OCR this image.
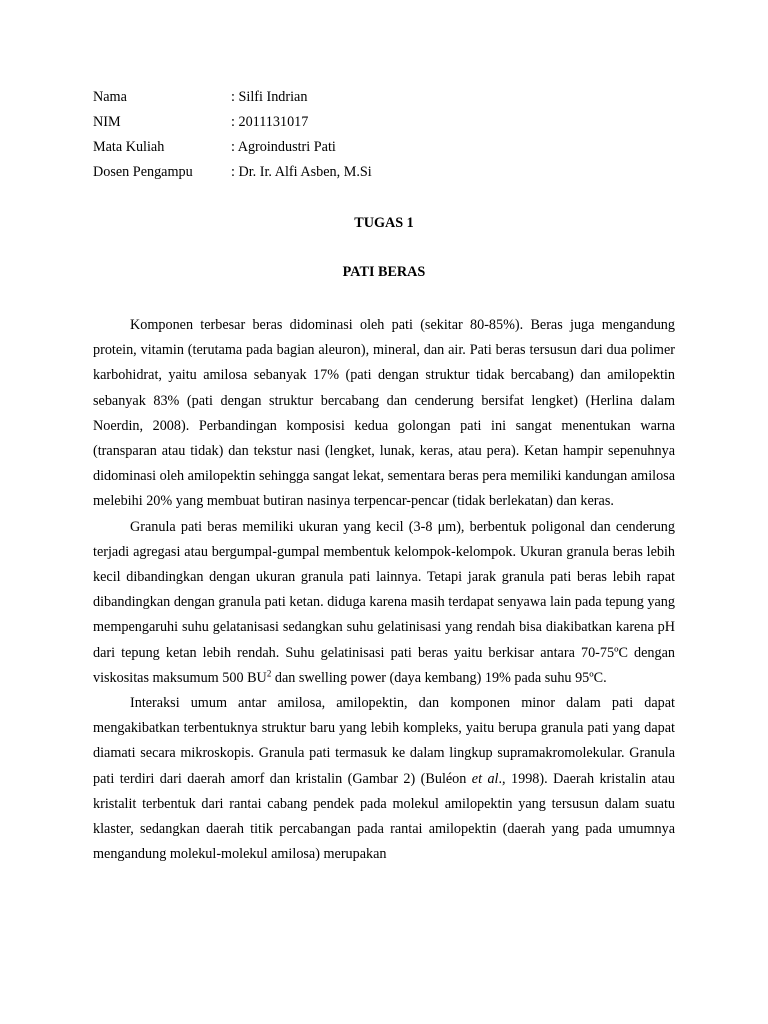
Nama	: Silfi Indrian
NIM	: 2011131017
Mata Kuliah	: Agroindustri Pati
Dosen Pengampu	: Dr. Ir. Alfi Asben, M.Si
TUGAS 1
PATI BERAS

Komponen terbesar beras didominasi oleh pati (sekitar 80-85%). Beras juga mengandung protein, vitamin (terutama pada bagian aleuron), mineral, dan air. Pati beras tersusun dari dua polimer karbohidrat, yaitu amilosa sebanyak 17% (pati dengan struktur tidak bercabang) dan amilopektin sebanyak 83% (pati dengan struktur bercabang dan cenderung bersifat lengket) (Herlina dalam Noerdin, 2008). Perbandingan komposisi kedua golongan pati ini sangat menentukan warna (transparan atau tidak) dan tekstur nasi (lengket, lunak, keras, atau pera). Ketan hampir sepenuhnya didominasi oleh amilopektin sehingga sangat lekat, sementara beras pera memiliki kandungan amilosa melebihi 20% yang membuat butiran nasinya terpencar-pencar (tidak berlekatan) dan keras.

Granula pati beras memiliki ukuran yang kecil (3-8 μm), berbentuk poligonal dan cenderung terjadi agregasi atau bergumpal-gumpal membentuk kelompok-kelompok. Ukuran granula beras lebih kecil dibandingkan dengan ukuran granula pati lainnya. Tetapi jarak granula pati beras lebih rapat dibandingkan dengan granula pati ketan. diduga karena masih terdapat senyawa lain pada tepung yang mempengaruhi suhu gelatanisasi sedangkan suhu gelatinisasi yang rendah bisa diakibatkan karena pH dari tepung ketan lebih rendah. Suhu gelatinisasi pati beras yaitu berkisar antara 70-75ºC dengan viskositas maksumum 500 $BU^2$ dan swelling power (daya kembang) 19% pada suhu 95ºC.

Interaksi umum antar amilosa, amilopektin, dan komponen minor dalam pati dapat mengakibatkan terbentuknya struktur baru yang lebih kompleks, yaitu berupa granula pati yang dapat diamati secara mikroskopis. Granula pati termasuk ke dalam lingkup supramakromolekular. Granula pati terdiri dari daerah amorf dan kristalin (Gambar 2) (Buléon et al., 1998). Daerah kristalin atau kristalit terbentuk dari rantai cabang pendek pada molekul amilopektin yang tersusun dalam suatu klaster, sedangkan daerah titik percabangan pada rantai amilopektin (daerah yang pada umumnya mengandung molekul-molekul amilosa) merupakan
